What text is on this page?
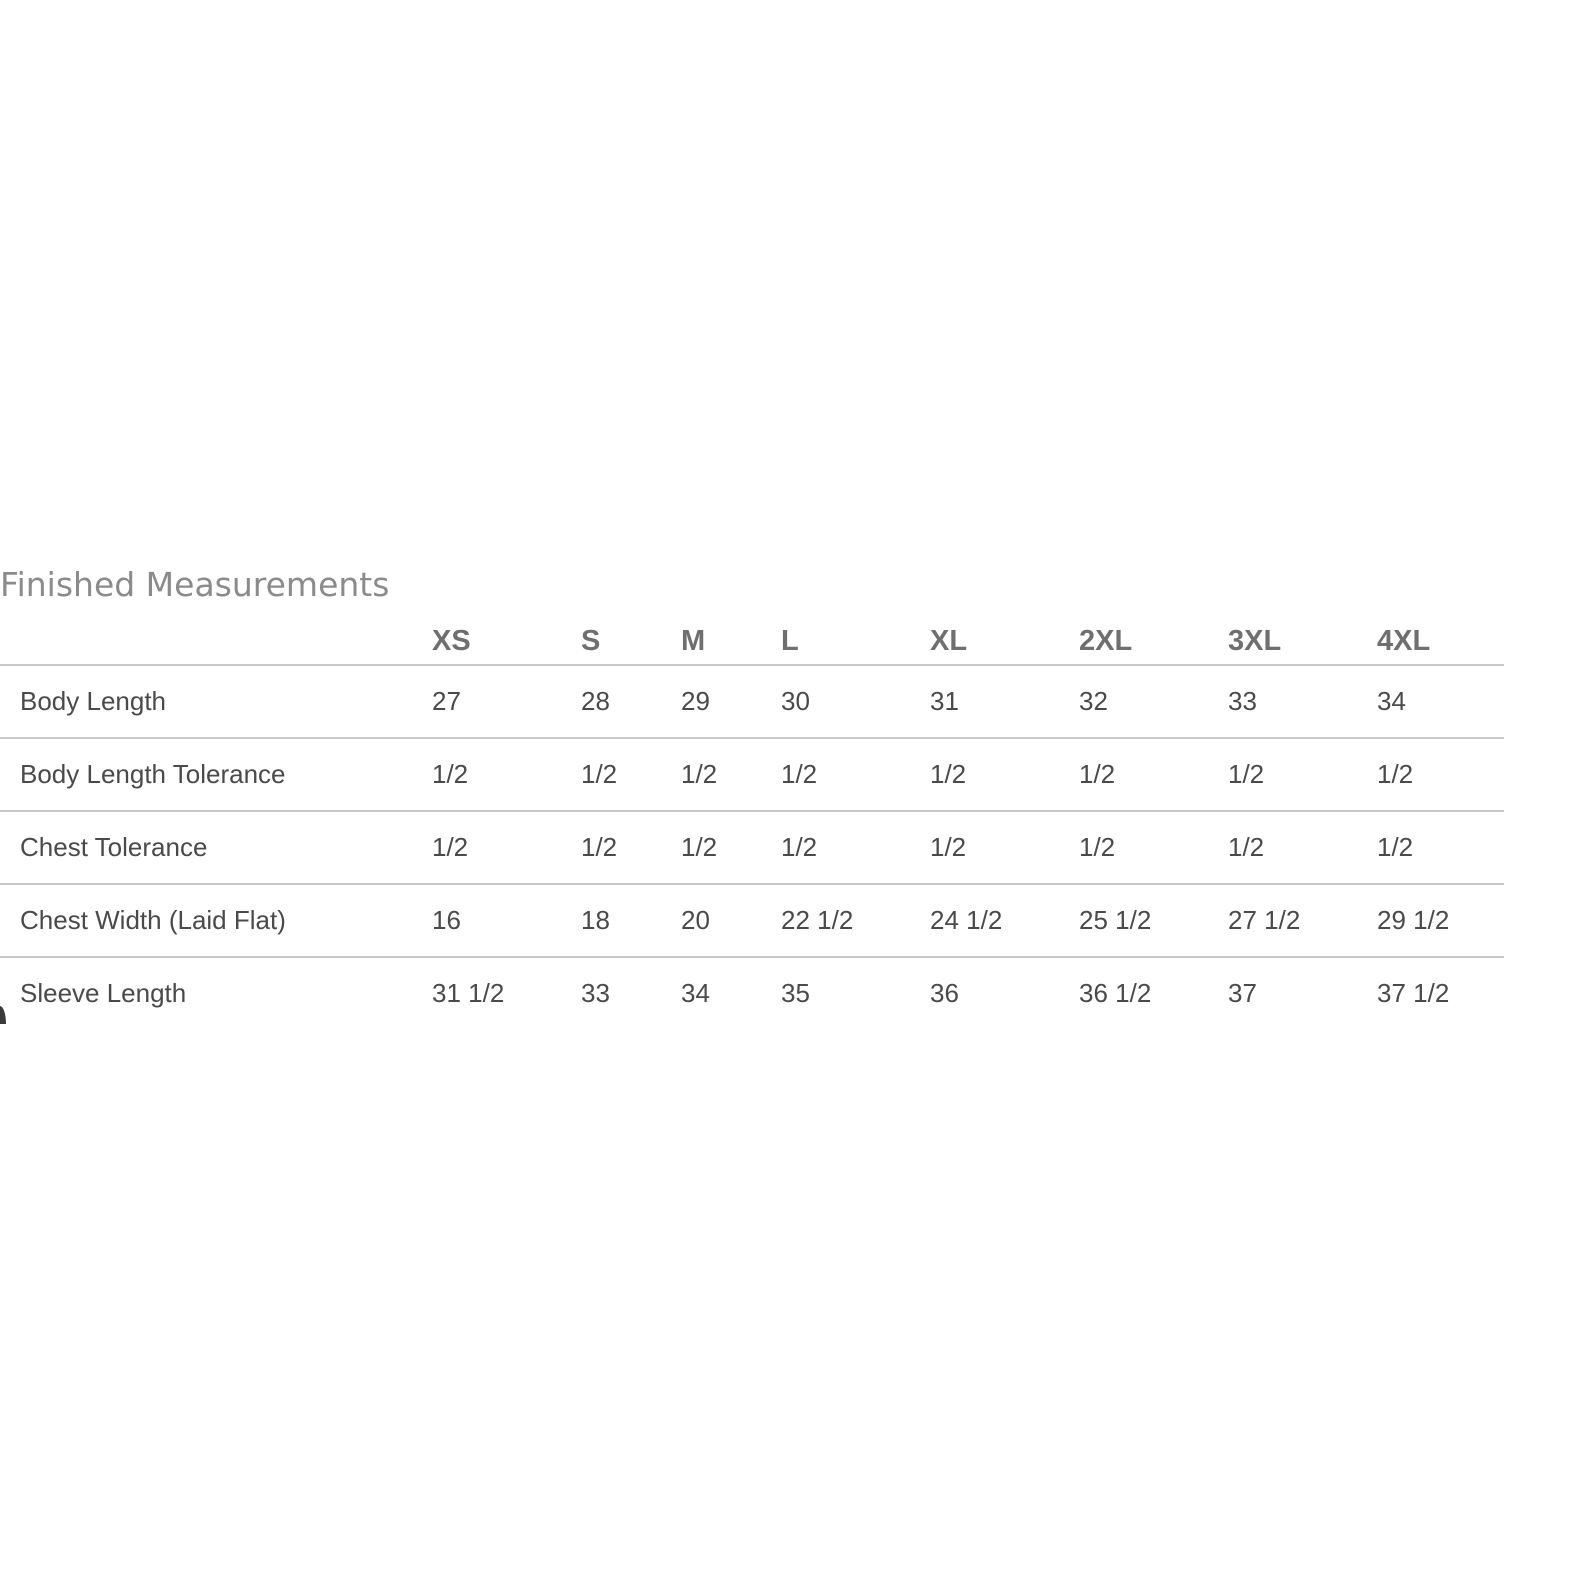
Finished Measurements
	XS	S	M	L	XL	2XL	3XL	4XL
Body Length	27	28	29	30	31	32	33	34
Body Length Tolerance	1/2	1/2	1/2	1/2	1/2	1/2	1/2	1/2
Chest Tolerance	1/2	1/2	1/2	1/2	1/2	1/2	1/2	1/2
Chest Width (Laid Flat)	16	18	20	22 1/2	24 1/2	25 1/2	27 1/2	29 1/2
Sleeve Length	31 1/2	33	34	35	36	36 1/2	37	37 1/2
